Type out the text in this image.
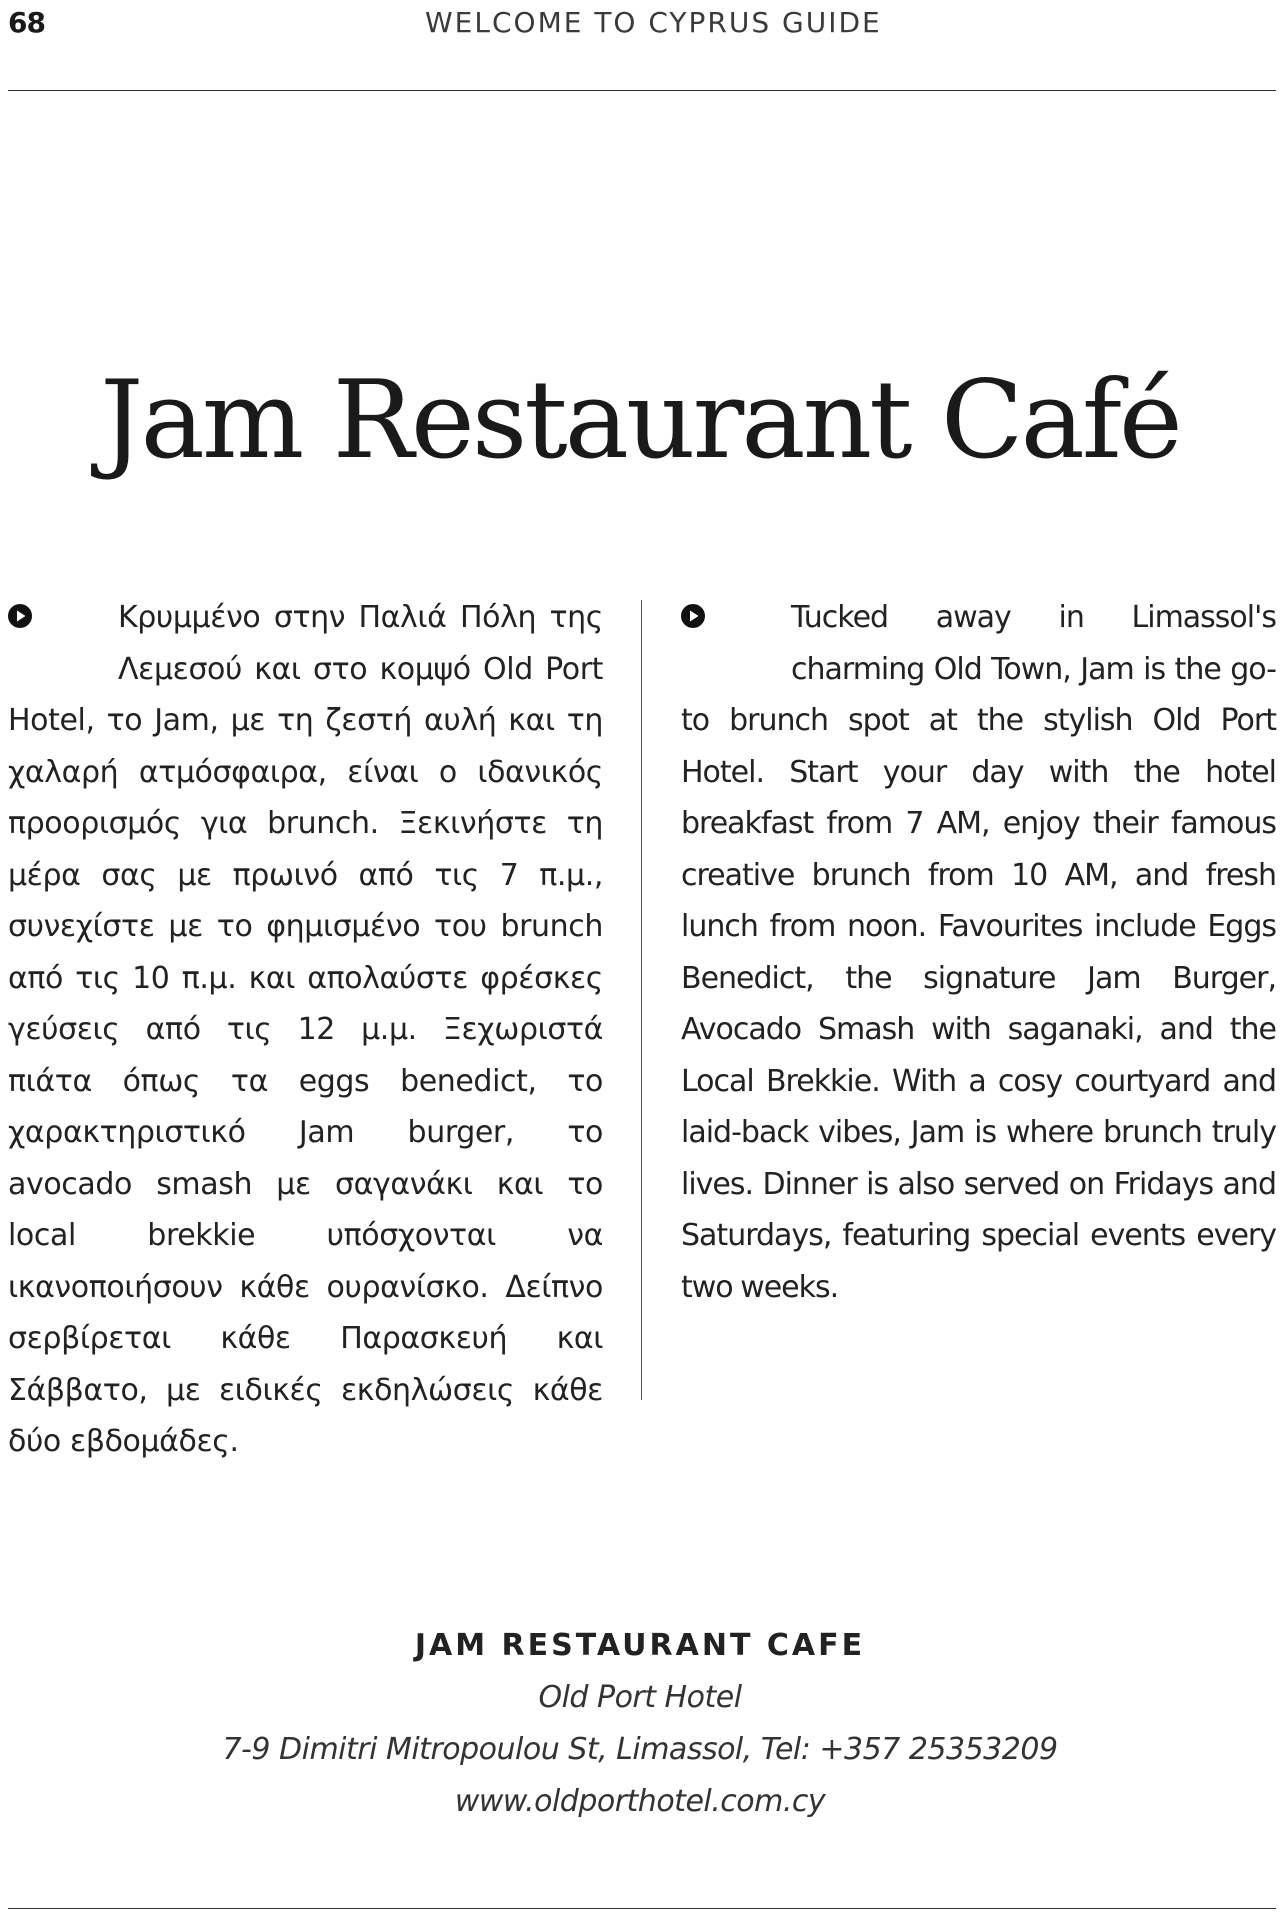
68	WELCOME TO CYPRUS GUIDE
Jam Restaurant Café
Κρυμμένο στην Παλιά Πόλη της Λεμεσού και στο κομψό Old Port Hotel, το Jam, με τη ζεστή αυλή και τη χαλαρή ατμόσφαιρα, είναι ο ιδανικός προορισμός για brunch. Ξεκινήστε τη μέρα σας με πρωινό από τις 7 π.μ., συνεχίστε με το φημισμένο του brunch από τις 10 π.μ. και απολαύστε φρέσκες γεύσεις από τις 12 μ.μ. Ξεχωριστά πιάτα όπως τα eggs benedict, το χαρακτηριστικό Jam burger, το avocado smash με σαγανάκι και το local brekkie υπόσχονται να ικανοποιήσουν κάθε ουρανίσκο. Δείπνο σερβίρεται κάθε Παρασκευή και Σάββατο, με ειδικές εκδηλώσεις κάθε δύο εβδομάδες.
Tucked away in Limassol's charming Old Town, Jam is the go-to brunch spot at the stylish Old Port Hotel. Start your day with the hotel breakfast from 7 AM, enjoy their famous creative brunch from 10 AM, and fresh lunch from noon. Favourites include Eggs Benedict, the signature Jam Burger, Avocado Smash with saganaki, and the Local Brekkie. With a cosy courtyard and laid-back vibes, Jam is where brunch truly lives. Dinner is also served on Fridays and Saturdays, featuring special events every two weeks.
JAM RESTAURANT CAFE
Old Port Hotel
7-9 Dimitri Mitropoulou St, Limassol, Tel: +357 25353209
www.oldporthotel.com.cy
